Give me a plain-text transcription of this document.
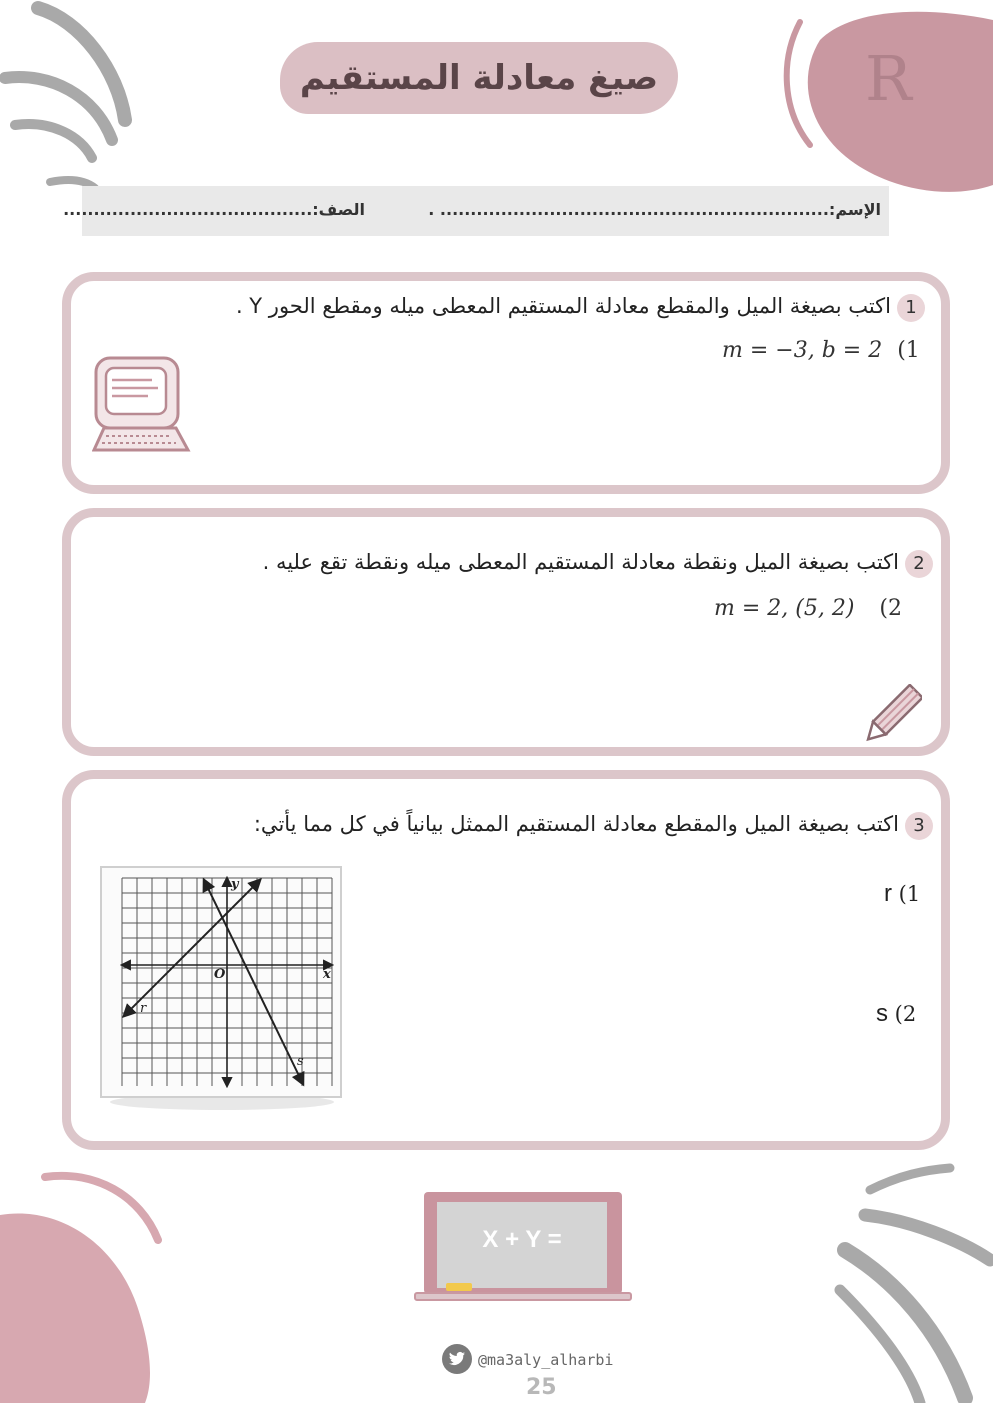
R
صيغ معادلة المستقيم
الإسم:................................................................ .
الصف:.........................................
1اكتب بصيغة الميل والمقطع معادلة المستقيم المعطى ميله ومقطع الحور Y .
m = −3, b = 2 (1
2اكتب بصيغة الميل ونقطة معادلة المستقيم المعطى ميله ونقطة تقع عليه .
m = 2, (5, 2) (2
3اكتب بصيغة الميل والمقطع معادلة المستقيم الممثل بيانياً في كل مما يأتي:
r (1
s (2
x
y
O
r
s
X + Y =
@ma3aly_alharbi
25
